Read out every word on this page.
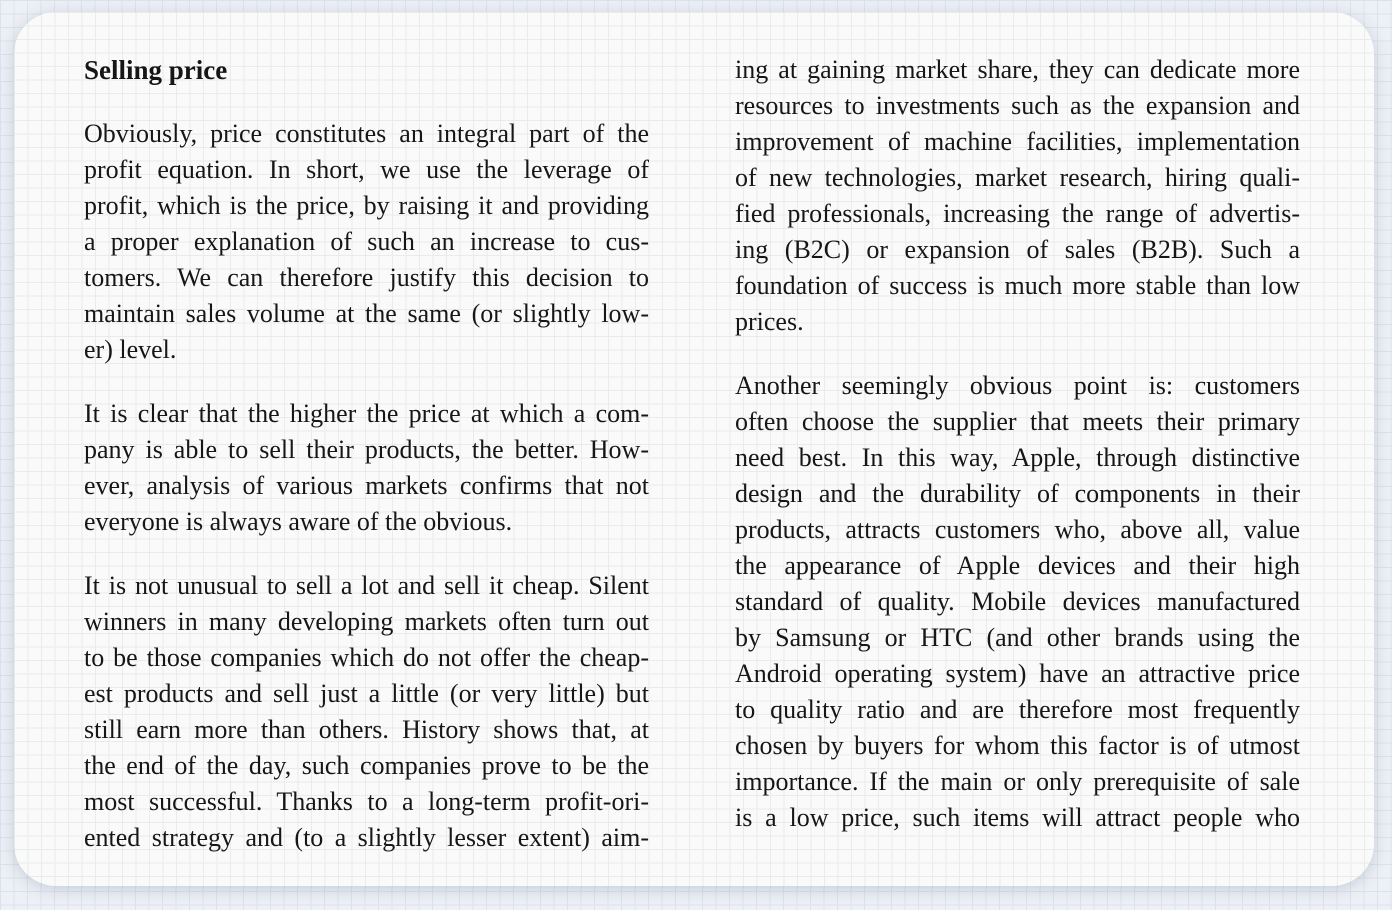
Selling price
Obviously, price constitutes an integral part of the
profit equation. In short, we use the leverage of
profit, which is the price, by raising it and providing
a proper explanation of such an increase to cus-
tomers. We can therefore justify this decision to
maintain sales volume at the same (or slightly low-
er) level.
It is clear that the higher the price at which a com-
pany is able to sell their products, the better. How-
ever, analysis of various markets confirms that not
everyone is always aware of the obvious.
It is not unusual to sell a lot and sell it cheap. Silent
winners in many developing markets often turn out
to be those companies which do not offer the cheap-
est products and sell just a little (or very little) but
still earn more than others. History shows that, at
the end of the day, such companies prove to be the
most successful. Thanks to a long-term profit-ori-
ented strategy and (to a slightly lesser extent) aim-
ing at gaining market share, they can dedicate more
resources to investments such as the expansion and
improvement of machine facilities, implementation
of new technologies, market research, hiring quali-
fied professionals, increasing the range of advertis-
ing (B2C) or expansion of sales (B2B). Such a
foundation of success is much more stable than low
prices.
Another seemingly obvious point is: customers
often choose the supplier that meets their primary
need best. In this way, Apple, through distinctive
design and the durability of components in their
products, attracts customers who, above all, value
the appearance of Apple devices and their high
standard of quality. Mobile devices manufactured
by Samsung or HTC (and other brands using the
Android operating system) have an attractive price
to quality ratio and are therefore most frequently
chosen by buyers for whom this factor is of utmost
importance. If the main or only prerequisite of sale
is a low price, such items will attract people who
